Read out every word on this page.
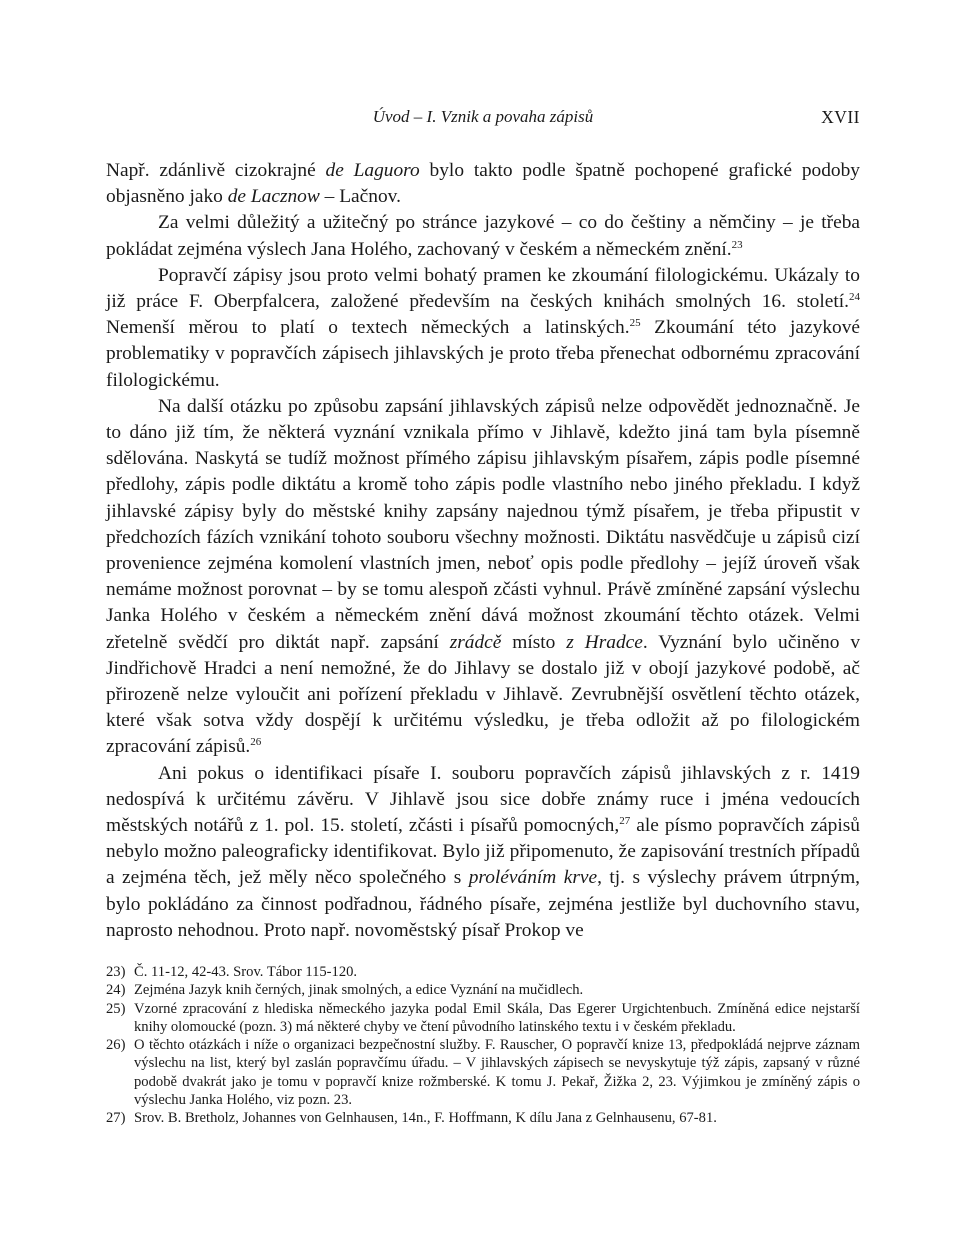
Úvod – I. Vznik a povaha zápisů	XVII

Např. zdánlivě cizokrajné de Laguoro bylo takto podle špatně pochopené grafické podoby objasněno jako de Lacznow – Lačnov.

Za velmi důležitý a užitečný po stránce jazykové – co do češtiny a němčiny – je třeba pokládat zejména výslech Jana Holého, zachovaný v českém a německém znění.$^{23}$

Popravčí zápisy jsou proto velmi bohatý pramen ke zkoumání filologickému. Ukázaly to již práce F. Oberpfalcera, založené především na českých knihách smolných 16. století.$^{24}$ Nemenší měrou to platí o textech německých a latinských.$^{25}$ Zkoumání této jazykové problematiky v popravčích zápisech jihlavských je proto třeba přenechat odbornému zpracování filologickému.

Na další otázku po způsobu zapsání jihlavských zápisů nelze odpovědět jednoznačně. Je to dáno již tím, že některá vyznání vznikala přímo v Jihlavě, kdežto jiná tam byla písemně sdělována. Naskytá se tudíž možnost přímého zápisu jihlavským písařem, zápis podle písemné předlohy, zápis podle diktátu a kromě toho zápis podle vlastního nebo jiného překladu. I když jihlavské zápisy byly do městské knihy zapsány najednou týmž písařem, je třeba připustit v předchozích fázích vznikání tohoto souboru všechny možnosti. Diktátu nasvědčuje u zápisů cizí provenience zejména komolení vlastních jmen, neboť opis podle předlohy – jejíž úroveň však nemáme možnost porovnat – by se tomu alespoň zčásti vyhnul. Právě zmíněné zapsání výslechu Janka Holého v českém a německém znění dává možnost zkoumání těchto otázek. Velmi zřetelně svědčí pro diktát např. zapsání zrádcě místo z Hradce. Vyznání bylo učiněno v Jindřichově Hradci a není nemožné, že do Jihlavy se dostalo již v obojí jazykové podobě, ač přirozeně nelze vyloučit ani pořízení překladu v Jihlavě. Zevrubnější osvětlení těchto otázek, které však sotva vždy dospějí k určitému výsledku, je třeba odložit až po filologickém zpracování zápisů.$^{26}$

Ani pokus o identifikaci písaře I. souboru popravčích zápisů jihlavských z r. 1419 nedospívá k určitému závěru. V Jihlavě jsou sice dobře známy ruce i jména vedoucích městských notářů z 1. pol. 15. století, zčásti i písařů pomocných,$^{27}$ ale písmo popravčích zápisů nebylo možno paleograficky identifikovat. Bylo již připomenuto, že zapisování trestních případů a zejména těch, jež měly něco společného s proléváním krve, tj. s výslechy právem útrpným, bylo pokládáno za činnost podřadnou, řádného písaře, zejména jestliže byl duchovního stavu, naprosto nehodnou. Proto např. novoměstský písař Prokop ve

23) Č. 11-12, 42-43. Srov. Tábor 115-120.
24) Zejména Jazyk knih černých, jinak smolných, a edice Vyznání na mučidlech.
25) Vzorné zpracování z hlediska německého jazyka podal Emil Skála, Das Egerer Urgichtenbuch. Zmíněná edice nejstarší knihy olomoucké (pozn. 3) má některé chyby ve čtení původního latinského textu i v českém překladu.
26) O těchto otázkách i níže o organizaci bezpečnostní služby. F. Rauscher, O popravčí knize 13, předpokládá nejprve záznam výslechu na list, který byl zaslán popravčímu úřadu. – V jihlavských zápisech se nevyskytuje týž zápis, zapsaný v různé podobě dvakrát jako je tomu v popravčí knize rožmberské. K tomu J. Pekař, Žižka 2, 23. Výjimkou je zmíněný zápis o výslechu Janka Holého, viz pozn. 23.
27) Srov. B. Bretholz, Johannes von Gelnhausen, 14n., F. Hoffmann, K dílu Jana z Gelnhausenu, 67-81.
